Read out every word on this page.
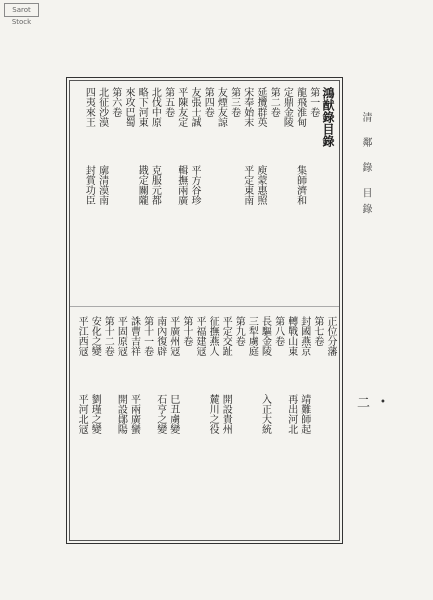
Sarot Stock
清 鄰 錄 目錄
鴻猷錄目錄
第一卷
龍飛淮甸
集師濟和
定鼎金陵
第二卷
延攬群英
庾蒙惠照
宋奉始末
平定東南
第三卷
友煙友諒
第四卷
友張士誠
平方谷珍
平陳友定
輯撫兩廣
第五卷
北伐中原
克服元都
略下河東
戡定關隴
來攻巴蜀
第六卷
北征沙漠
廓清漠南
四夷來王
封賞功臣
正位分藩
第七卷
封國燕京
靖難師起
轉戰山東
再出河北
第八卷
長驅金陵
入正大統
三犁虜庭
第九卷
平定交趾
開設貴州
征撫燕人
麓川之役
平福建冦
第十卷
平廣州冦
巳丑虜變
南內復辟
石亨之變
第十一卷
誅曹吉祥
平兩廣蠻
平固原冦
開設鄖陽
第十二卷
安化之變
劉瑾之變
平江西冦
平河北冦	二 •
